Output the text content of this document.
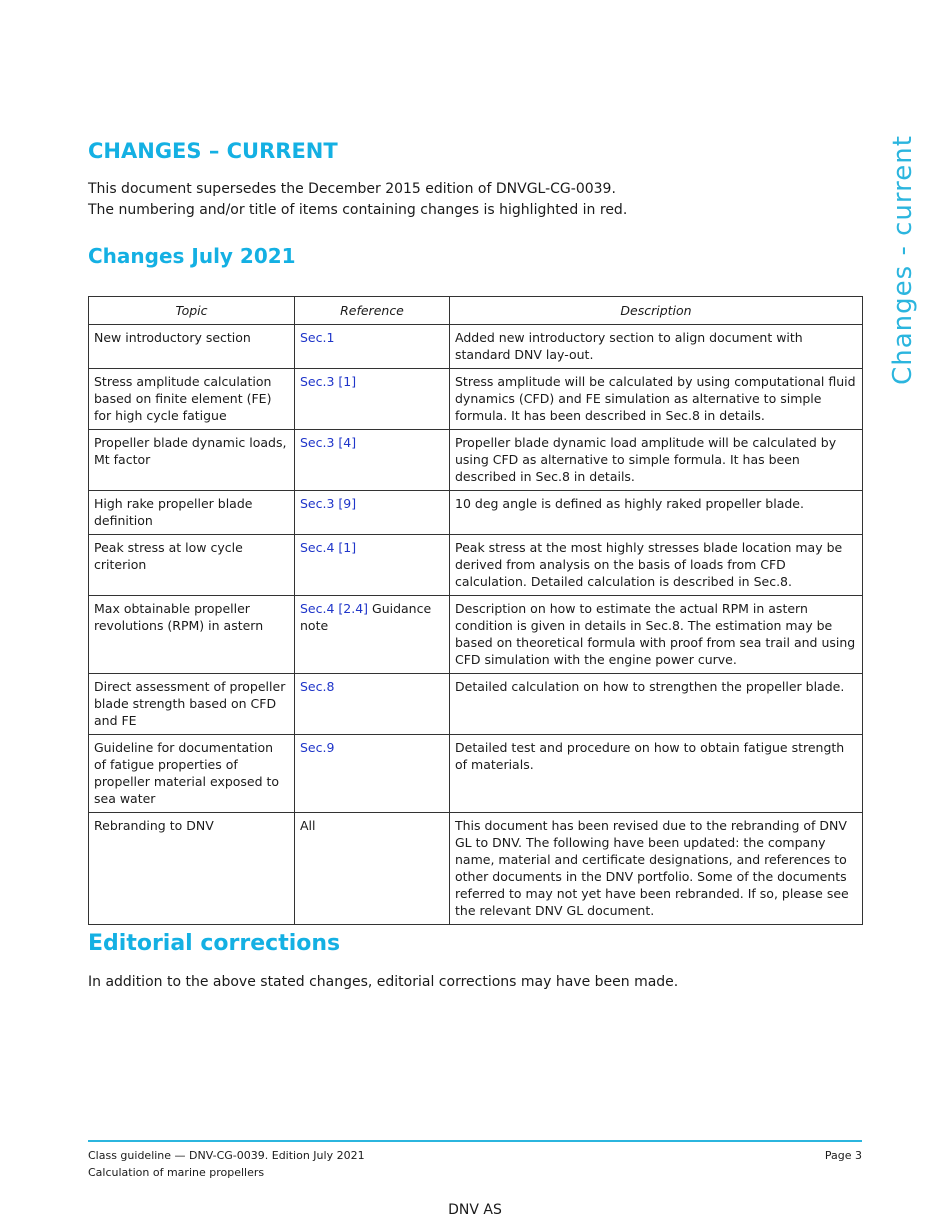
Changes - current
CHANGES – CURRENT

This document supersedes the December 2015 edition of DNVGL-CG-0039.
The numbering and/or title of items containing changes is highlighted in red.

Changes July 2021
Topic	Reference	Description
New introductory section	Sec.1	Added new introductory section to align document with standard DNV lay-out.
Stress amplitude calculation based on finite element (FE) for high cycle fatigue	Sec.3 [1]	Stress amplitude will be calculated by using computational fluid dynamics (CFD) and FE simulation as alternative to simple formula. It has been described in Sec.8 in details.
Propeller blade dynamic loads, Mt factor	Sec.3 [4]	Propeller blade dynamic load amplitude will be calculated by using CFD as alternative to simple formula. It has been described in Sec.8 in details.
High rake propeller blade definition	Sec.3 [9]	10 deg angle is defined as highly raked propeller blade.
Peak stress at low cycle criterion	Sec.4 [1]	Peak stress at the most highly stresses blade location may be derived from analysis on the basis of loads from CFD calculation. Detailed calculation is described in Sec.8.
Max obtainable propeller revolutions (RPM) in astern	Sec.4 [2.4] Guidance note	Description on how to estimate the actual RPM in astern condition is given in details in Sec.8. The estimation may be based on theoretical formula with proof from sea trail and using CFD simulation with the engine power curve.
Direct assessment of propeller blade strength based on CFD and FE	Sec.8	Detailed calculation on how to strengthen the propeller blade.
Guideline for documentation of fatigue properties of propeller material exposed to sea water	Sec.9	Detailed test and procedure on how to obtain fatigue strength of materials.
Rebranding to DNV	All	This document has been revised due to the rebranding of DNV GL to DNV. The following have been updated: the company name, material and certificate designations, and references to other documents in the DNV portfolio. Some of the documents referred to may not yet have been rebranded. If so, please see the relevant DNV GL document.
Editorial corrections

In addition to the above stated changes, editorial corrections may have been made.

Class guideline — DNV-CG-0039. Edition July 2021
Calculation of marine propellers
Page 3
DNV AS
